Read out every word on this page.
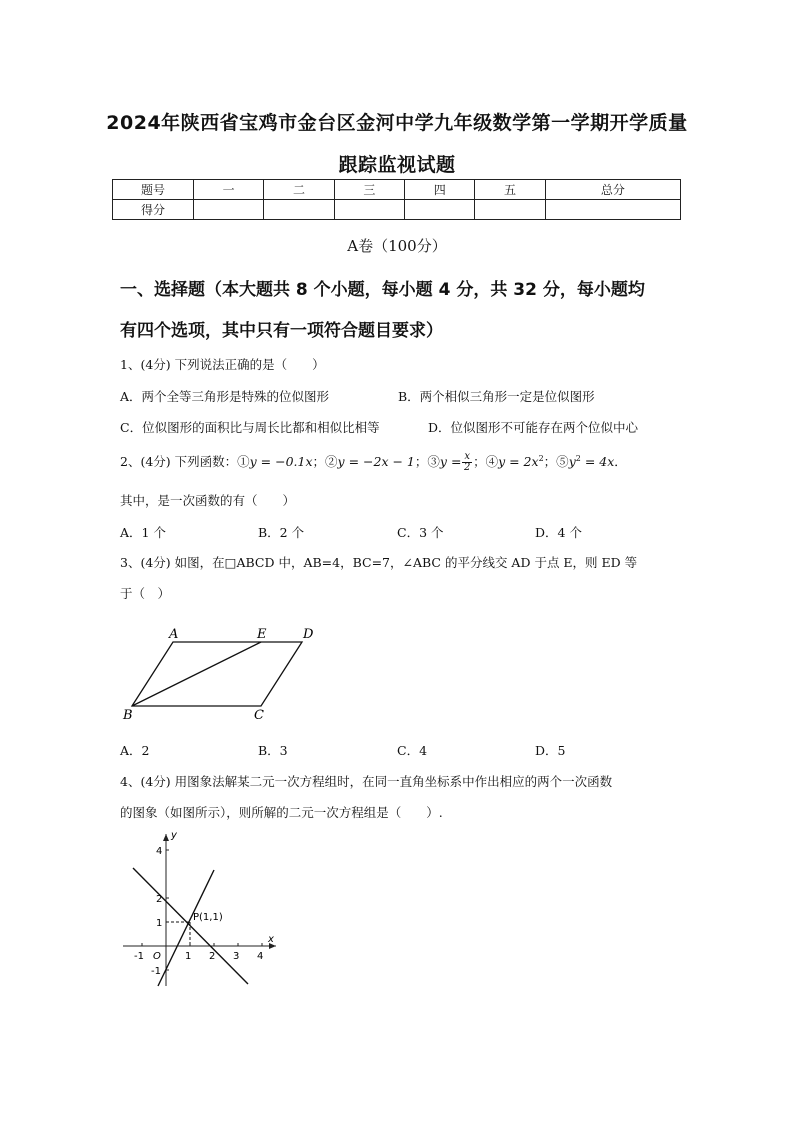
2024年陕西省宝鸡市金台区金河中学九年级数学第一学期开学质量
跟踪监视试题
题号	一	二	三	四	五	总分
得分						
A卷（100分）
一、选择题（本大题共 8 个小题，每小题 4 分，共 32 分，每小题均
有四个选项，其中只有一项符合题目要求）
1、(4分) 下列说法正确的是（　　）
A．两个全等三角形是特殊的位似图形	B．两个相似三角形一定是位似图形
C．位似图形的面积比与周长比都和相似比相等	D．位似图形不可能存在两个位似中心
2、(4分) 下列函数：①y = −0.1x；②y = −2x − 1；③y = $\frac{x}{2}$ ；④y = $2x^2$；$⑤y^2 = 4x$．
其中，是一次函数的有（　　）
A．1 个	B．2 个	C．3 个	D．4 个
3、(4分) 如图，在□ABCD 中，AB=4，BC=7，∠ABC 的平分线交 AD 于点 E，则 ED 等
于（　）
A	E	D
B	C
A．2	B．3	C．4	D．5
4、(4分) 用图象法解某二元一次方程组时，在同一直角坐标系中作出相应的两个一次函数
的图象（如图所示），则所解的二元一次方程组是（　　）.
y
x
O
P(1,1)
-1	1 2 3 4
4
2
1
-1
